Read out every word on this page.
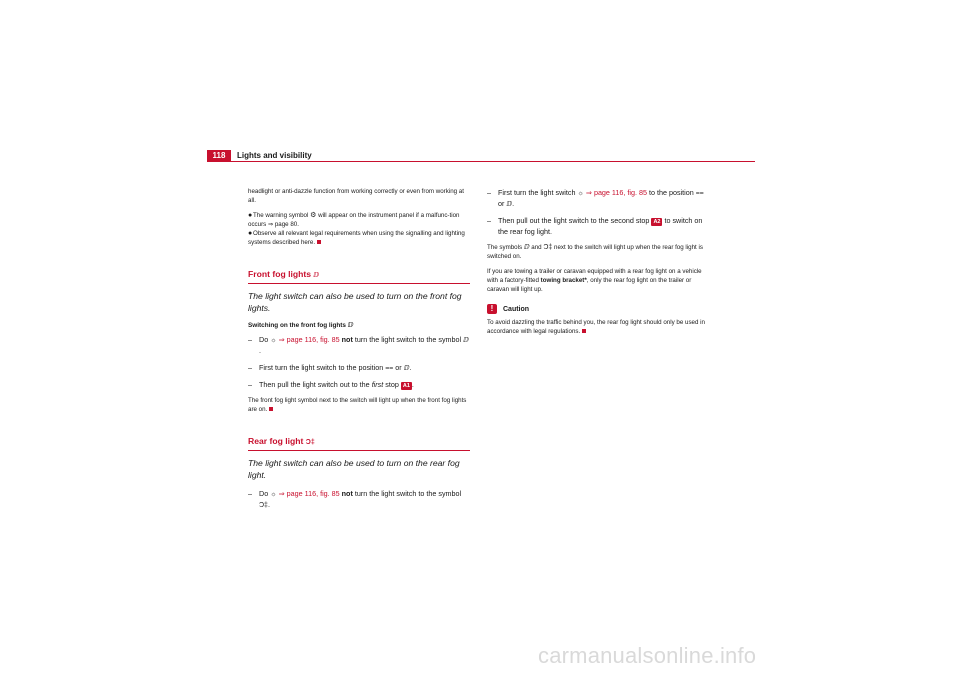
118	Lights and visibility

headlight or anti-dazzle function from working correctly or even from working at all.

●The warning symbol ⚙ will appear on the instrument panel if a malfunc-tion occurs ⇒ page 80.

●Observe all relevant legal requirements when using the signalling and lighting systems described here.

Front fog lights ⅅ
The light switch can also be used to turn on the front fog lights.
Switching on the front fog lights ⅅ
– Do ☼ ⇒ page 116, fig. 85 not turn the light switch to the symbol ⅅ.
– First turn the light switch to the position ⩵ or ⅅ.
– Then pull the light switch out to the first stop A1 .

The front fog light symbol next to the switch will light up when the front fog lights are on.

Rear fog light Ͻ‡
The light switch can also be used to turn on the rear fog light.
– Do ☼ ⇒ page 116, fig. 85 not turn the light switch to the symbol Ͻ‡.
– First turn the light switch ☼ ⇒ page 116, fig. 85 to the position ⩵ or ⅅ.
– Then pull out the light switch to the second stop A2 to switch on the rear fog light.

The symbols ⅅ and Ͻ‡ next to the switch will light up when the rear fog light is switched on.

If you are towing a trailer or caravan equipped with a rear fog light on a vehicle with a factory-fitted towing bracket*, only the rear fog light on the trailer or caravan will light up.

!	Caution

To avoid dazzling the traffic behind you, the rear fog light should only be used in accordance with legal regulations.

carmanualsonline.info
